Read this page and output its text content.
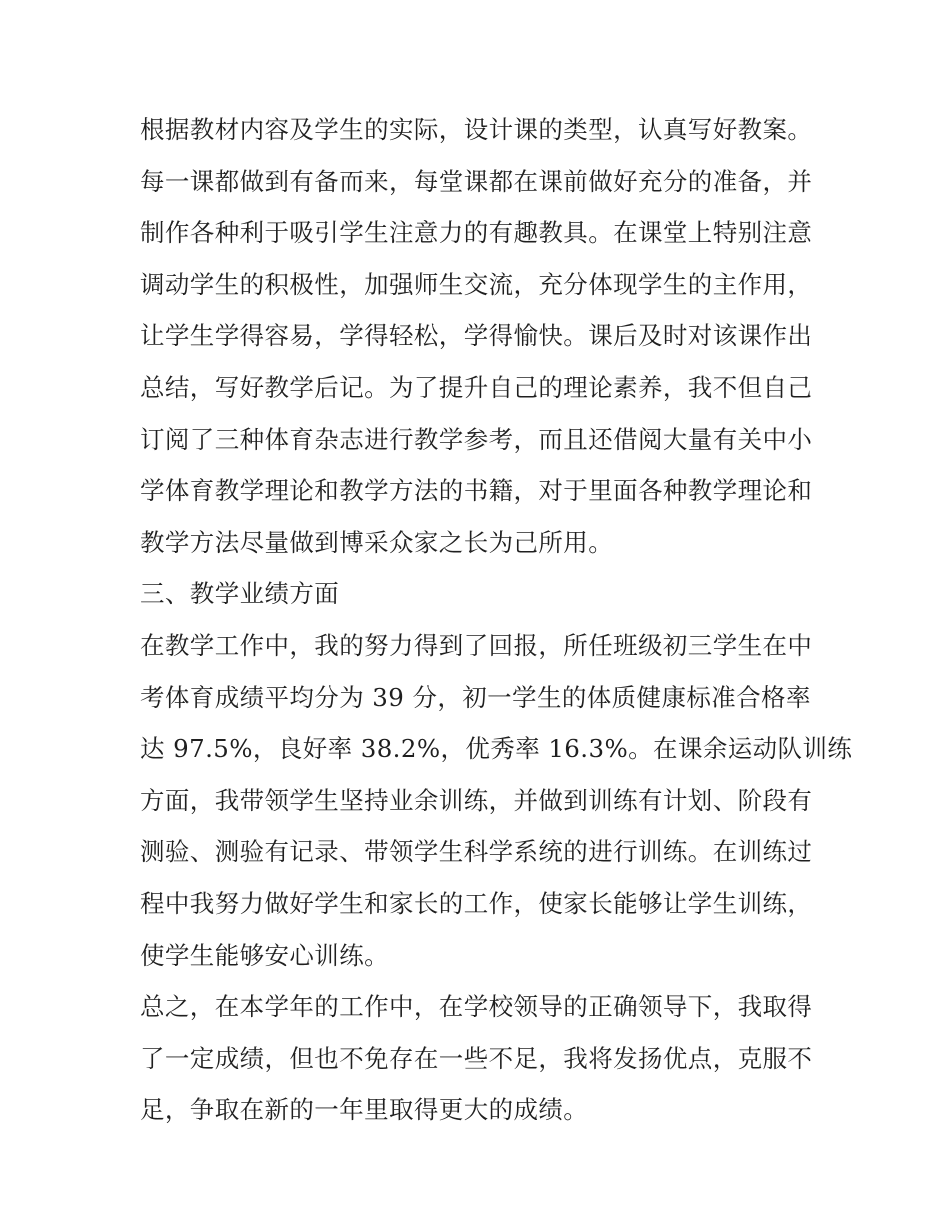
根据教材内容及学生的实际，设计课的类型，认真写好教案。
每一课都做到有备而来，每堂课都在课前做好充分的准备，并
制作各种利于吸引学生注意力的有趣教具。在课堂上特别注意
调动学生的积极性，加强师生交流，充分体现学生的主作用，
让学生学得容易，学得轻松，学得愉快。课后及时对该课作出
总结，写好教学后记。为了提升自己的理论素养，我不但自己
订阅了三种体育杂志进行教学参考，而且还借阅大量有关中小
学体育教学理论和教学方法的书籍，对于里面各种教学理论和
教学方法尽量做到博采众家之长为己所用。
三、教学业绩方面
在教学工作中，我的努力得到了回报，所任班级初三学生在中
考体育成绩平均分为 39 分，初一学生的体质健康标准合格率
达 97.5%，良好率 38.2%，优秀率 16.3%。在课余运动队训练
方面，我带领学生坚持业余训练，并做到训练有计划、阶段有
测验、测验有记录、带领学生科学系统的进行训练。在训练过
程中我努力做好学生和家长的工作，使家长能够让学生训练，
使学生能够安心训练。
总之，在本学年的工作中，在学校领导的正确领导下，我取得
了一定成绩，但也不免存在一些不足，我将发扬优点，克服不
足，争取在新的一年里取得更大的成绩。
